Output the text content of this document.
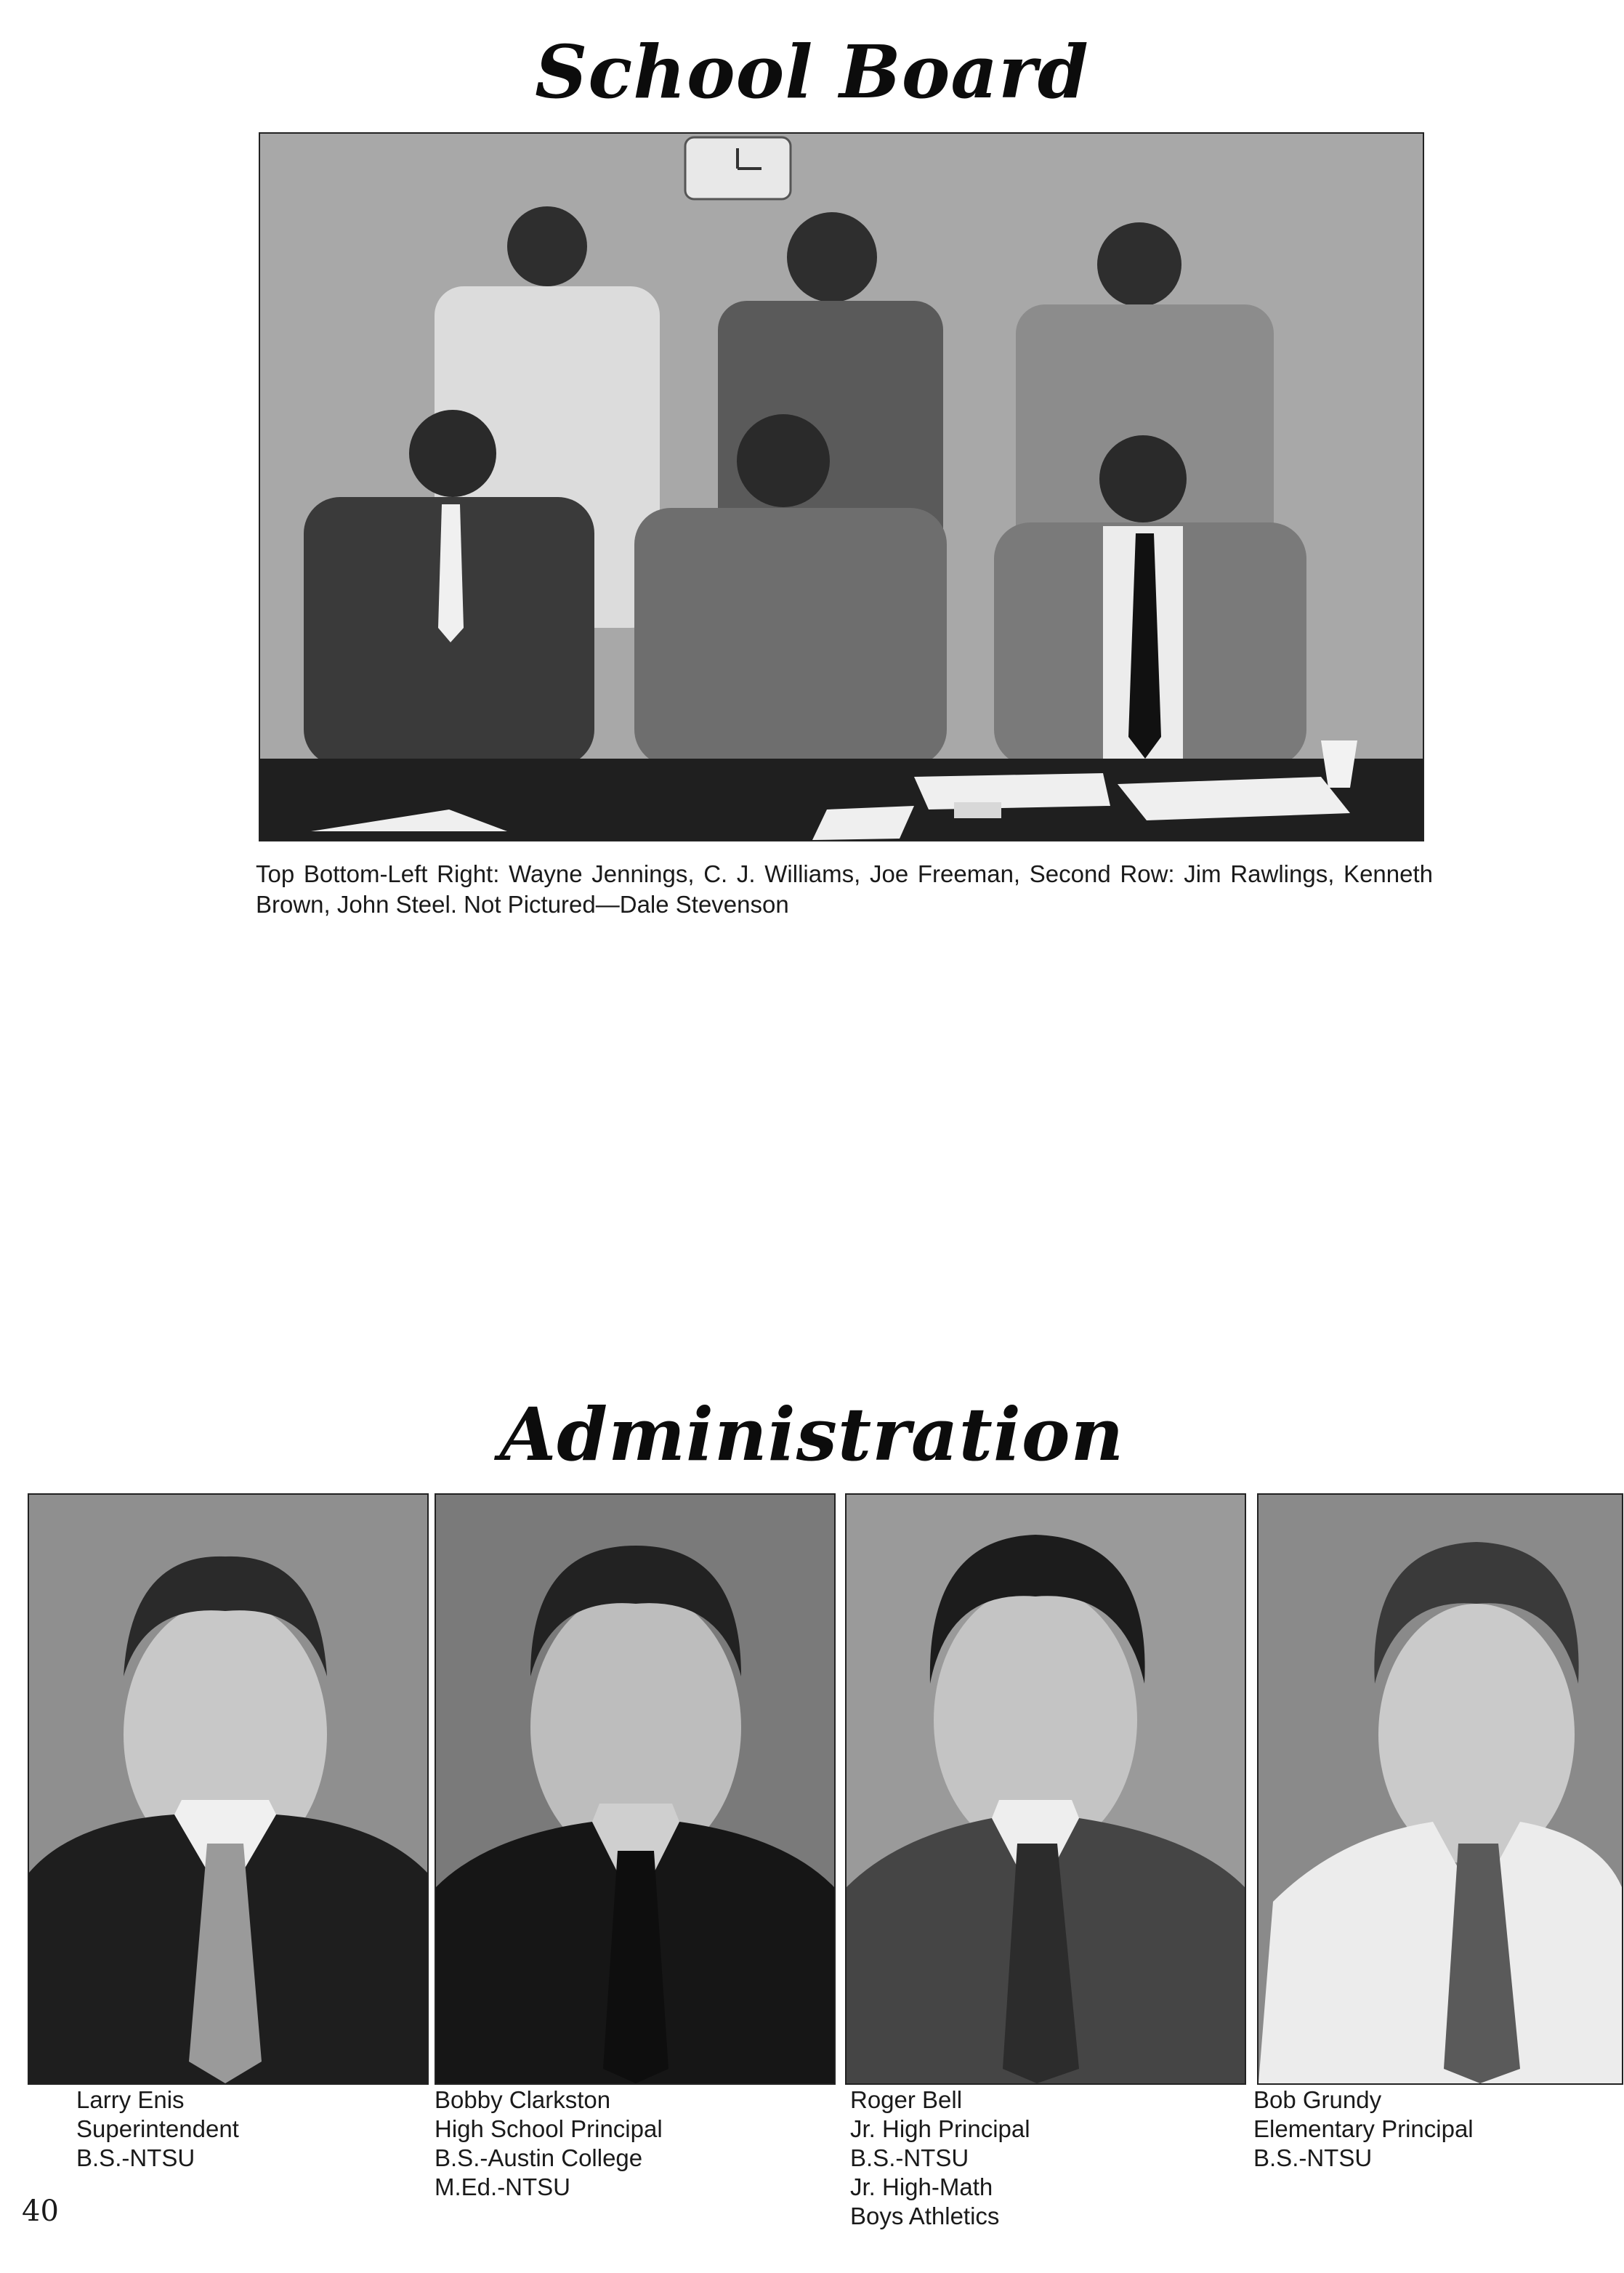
School Board

Top Bottom-Left Right: Wayne Jennings, C. J. Williams, Joe Freeman, Second Row: Jim Rawlings, Kenneth Brown, John Steel. Not Pictured—Dale Stevenson

Administration
Larry Enis
Superintendent
B.S.-NTSU
Bobby Clarkston
High School Principal
B.S.-Austin College
M.Ed.-NTSU
Roger Bell
Jr. High Principal
B.S.-NTSU
Jr. High-Math
Boys Athletics
Bob Grundy
Elementary Principal
B.S.-NTSU
40
